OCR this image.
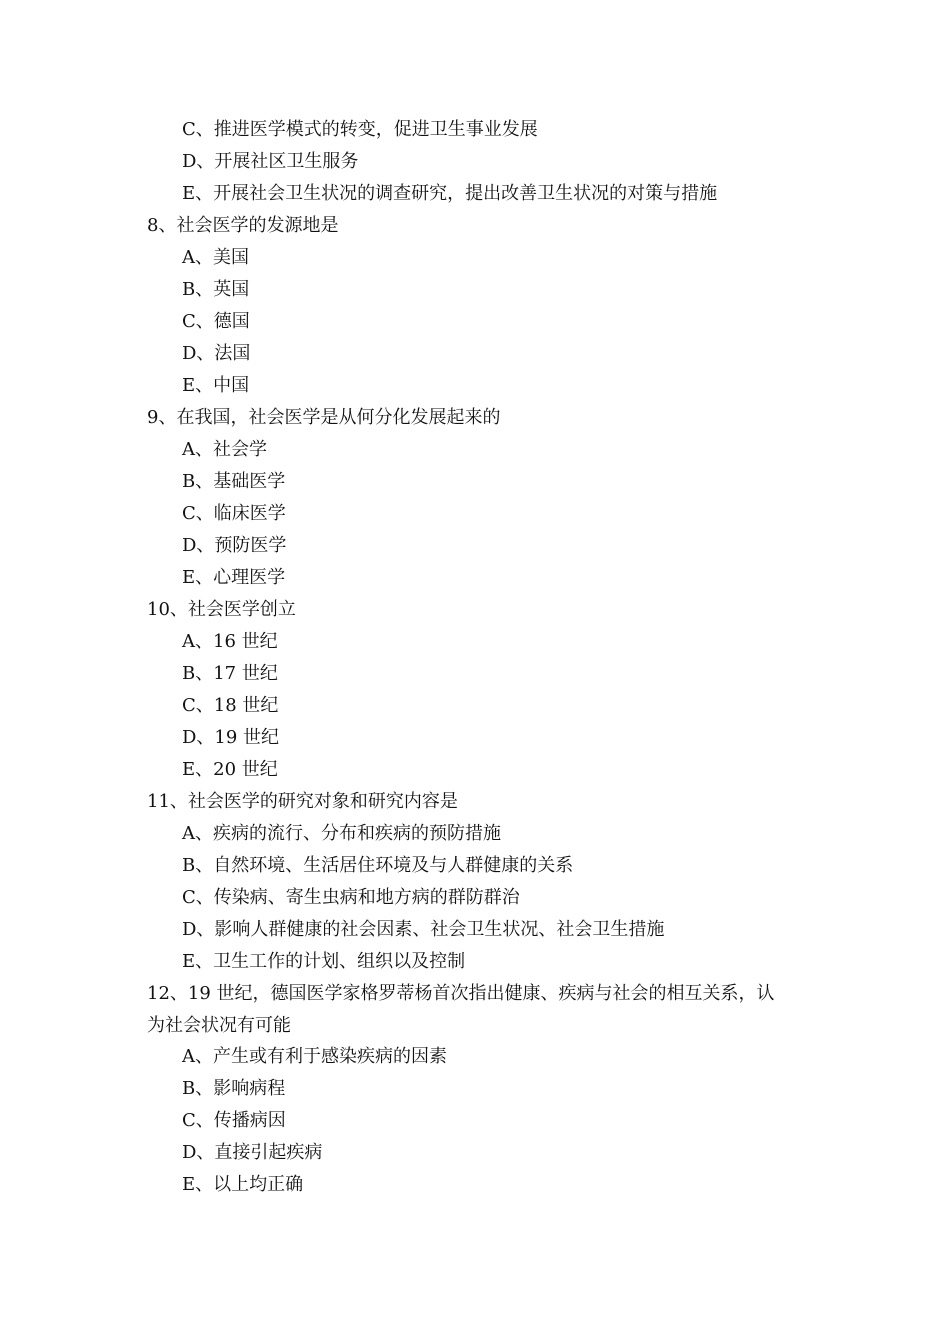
C、推进医学模式的转变，促进卫生事业发展
D、开展社区卫生服务
E、开展社会卫生状况的调查研究，提出改善卫生状况的对策与措施
8、社会医学的发源地是
A、美国
B、英国
C、德国
D、法国
E、中国
9、在我国，社会医学是从何分化发展起来的
A、社会学
B、基础医学
C、临床医学
D、预防医学
E、心理医学
10、社会医学创立
A、16 世纪
B、17 世纪
C、18 世纪
D、19 世纪
E、20 世纪
11、社会医学的研究对象和研究内容是
A、疾病的流行、分布和疾病的预防措施
B、自然环境、生活居住环境及与人群健康的关系
C、传染病、寄生虫病和地方病的群防群治
D、影响人群健康的社会因素、社会卫生状况、社会卫生措施
E、卫生工作的计划、组织以及控制
12、19 世纪，德国医学家格罗蒂杨首次指出健康、疾病与社会的相互关系，认
为社会状况有可能
A、产生或有利于感染疾病的因素
B、影响病程
C、传播病因
D、直接引起疾病
E、以上均正确
